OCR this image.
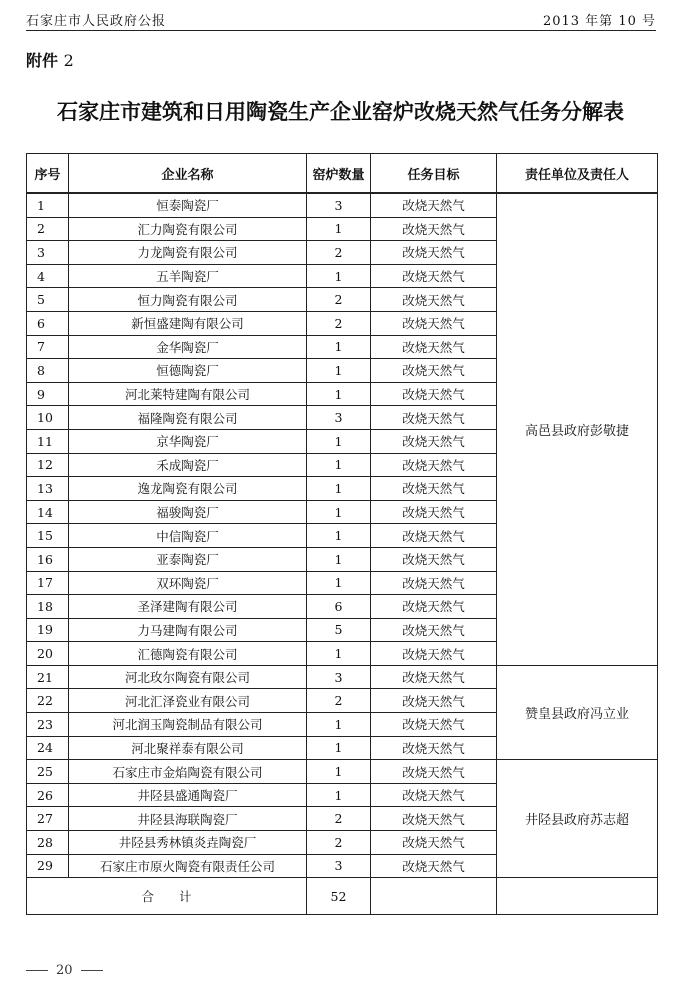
石家庄市人民政府公报	2013 年第 10 号
附件 2
石家庄市建筑和日用陶瓷生产企业窑炉改烧天然气任务分解表
序号	企业名称	窑炉数量	任务目标	责任单位及责任人
1	恒泰陶瓷厂	3	改烧天然气	高邑县政府彭敬捷
2	汇力陶瓷有限公司	1	改烧天然气	
3	力龙陶瓷有限公司	2	改烧天然气	
4	五羊陶瓷厂	1	改烧天然气	
5	恒力陶瓷有限公司	2	改烧天然气	
6	新恒盛建陶有限公司	2	改烧天然气	
7	金华陶瓷厂	1	改烧天然气	
8	恒德陶瓷厂	1	改烧天然气	
9	河北莱特建陶有限公司	1	改烧天然气	
10	福隆陶瓷有限公司	3	改烧天然气	
11	京华陶瓷厂	1	改烧天然气	
12	禾成陶瓷厂	1	改烧天然气	
13	逸龙陶瓷有限公司	1	改烧天然气	
14	福骏陶瓷厂	1	改烧天然气	
15	中信陶瓷厂	1	改烧天然气	
16	亚泰陶瓷厂	1	改烧天然气	
17	双环陶瓷厂	1	改烧天然气	
18	圣泽建陶有限公司	6	改烧天然气	
19	力马建陶有限公司	5	改烧天然气	
20	汇德陶瓷有限公司	1	改烧天然气	
21	河北玫尔陶瓷有限公司	3	改烧天然气	赞皇县政府冯立业
22	河北汇泽瓷业有限公司	2	改烧天然气	
23	河北润玉陶瓷制品有限公司	1	改烧天然气	
24	河北聚祥泰有限公司	1	改烧天然气	
25	石家庄市金焰陶瓷有限公司	1	改烧天然气	井陉县政府苏志超
26	井陉县盛通陶瓷厂	1	改烧天然气	
27	井陉县海联陶瓷厂	2	改烧天然气	
28	井陉县秀林镇炎垚陶瓷厂	2	改烧天然气	
29	石家庄市原火陶瓷有限责任公司	3	改烧天然气	
合　　计		52		
20
